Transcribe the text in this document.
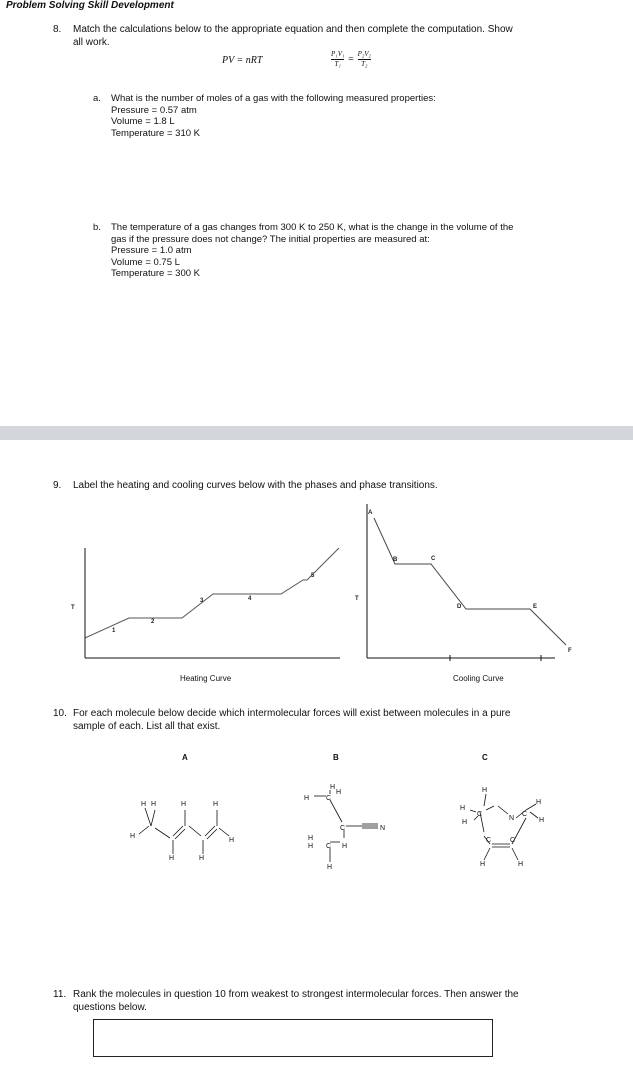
Problem Solving Skill Development
8. Match the calculations below to the appropriate equation and then complete the computation. Show
all work.
PV = nRT	$\frac{\text{P₁V₁}}{\text{T₁}} = \frac{\text{P₂V₂}}{\text{T₂}}$
a. What is the number of moles of a gas with the following measured properties:
Pressure = 0.57 atm
Volume = 1.8 L
Temperature = 310 K
b. The temperature of a gas changes from 300 K to 250 K, what is the change in the volume of the
gas if the pressure does not change? The initial properties are measured at:
Pressure = 1.0 atm
Volume = 0.75 L
Temperature = 300 K
9. Label the heating and cooling curves below with the phases and phase transitions.
T
1
2
3	4
5
Heating Curve
T
A
B	C
D	E
F
Cooling Curve
10. For each molecule below decide which intermolecular forces will exist between molecules in a pure
sample of each. List all that exist.
A	B	C
H H	H	H
H
H	H
H
H
H
H C
C	N
H
H C H
H
H
H
H
H
C
N
C
H
C	C
H	H
11. Rank the molecules in question 10 from weakest to strongest intermolecular forces. Then answer the
questions below.
